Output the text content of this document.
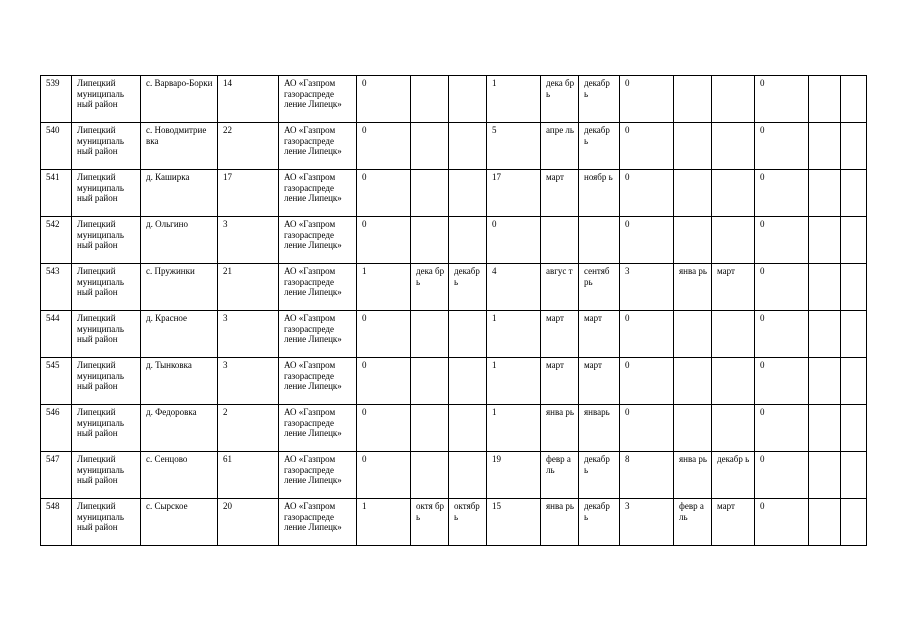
539	Липецкий муниципаль ный район	с. Варваро-Борки	14	АО «Газпром газораспреде ление Липецк»	0			1	дека брь	декабр ь	0			0		
540	Липецкий муниципаль ный район	с. Новодмитрие вка	22	АО «Газпром газораспреде ление Липецк»	0			5	апре ль	декабр ь	0			0		
541	Липецкий муниципаль ный район	д. Каширка	17	АО «Газпром газораспреде ление Липецк»	0			17	март	ноябр ь	0			0		
542	Липецкий муниципаль ный район	д. Ольгино	3	АО «Газпром газораспреде ление Липецк»	0			0			0			0		
543	Липецкий муниципаль ный район	с. Пружинки	21	АО «Газпром газораспреде ление Липецк»	1	дека брь	декабр ь	4	авгус т	сентяб рь	3	янва рь	март	0		
544	Липецкий муниципаль ный район	д. Красное	3	АО «Газпром газораспреде ление Липецк»	0			1	март	март	0			0		
545	Липецкий муниципаль ный район	д. Тынковка	3	АО «Газпром газораспреде ление Липецк»	0			1	март	март	0			0		
546	Липецкий муниципаль ный район	д. Федоровка	2	АО «Газпром газораспреде ление Липецк»	0			1	янва рь	январь	0			0		
547	Липецкий муниципаль ный район	с. Сенцово	61	АО «Газпром газораспреде ление Липецк»	0			19	февр аль	декабр ь	8	янва рь	декабр ь	0		
548	Липецкий муниципаль ный район	с. Сырское	20	АО «Газпром газораспреде ление Липецк»	1	октя брь	октябр ь	15	янва рь	декабр ь	3	февр аль	март	0		
